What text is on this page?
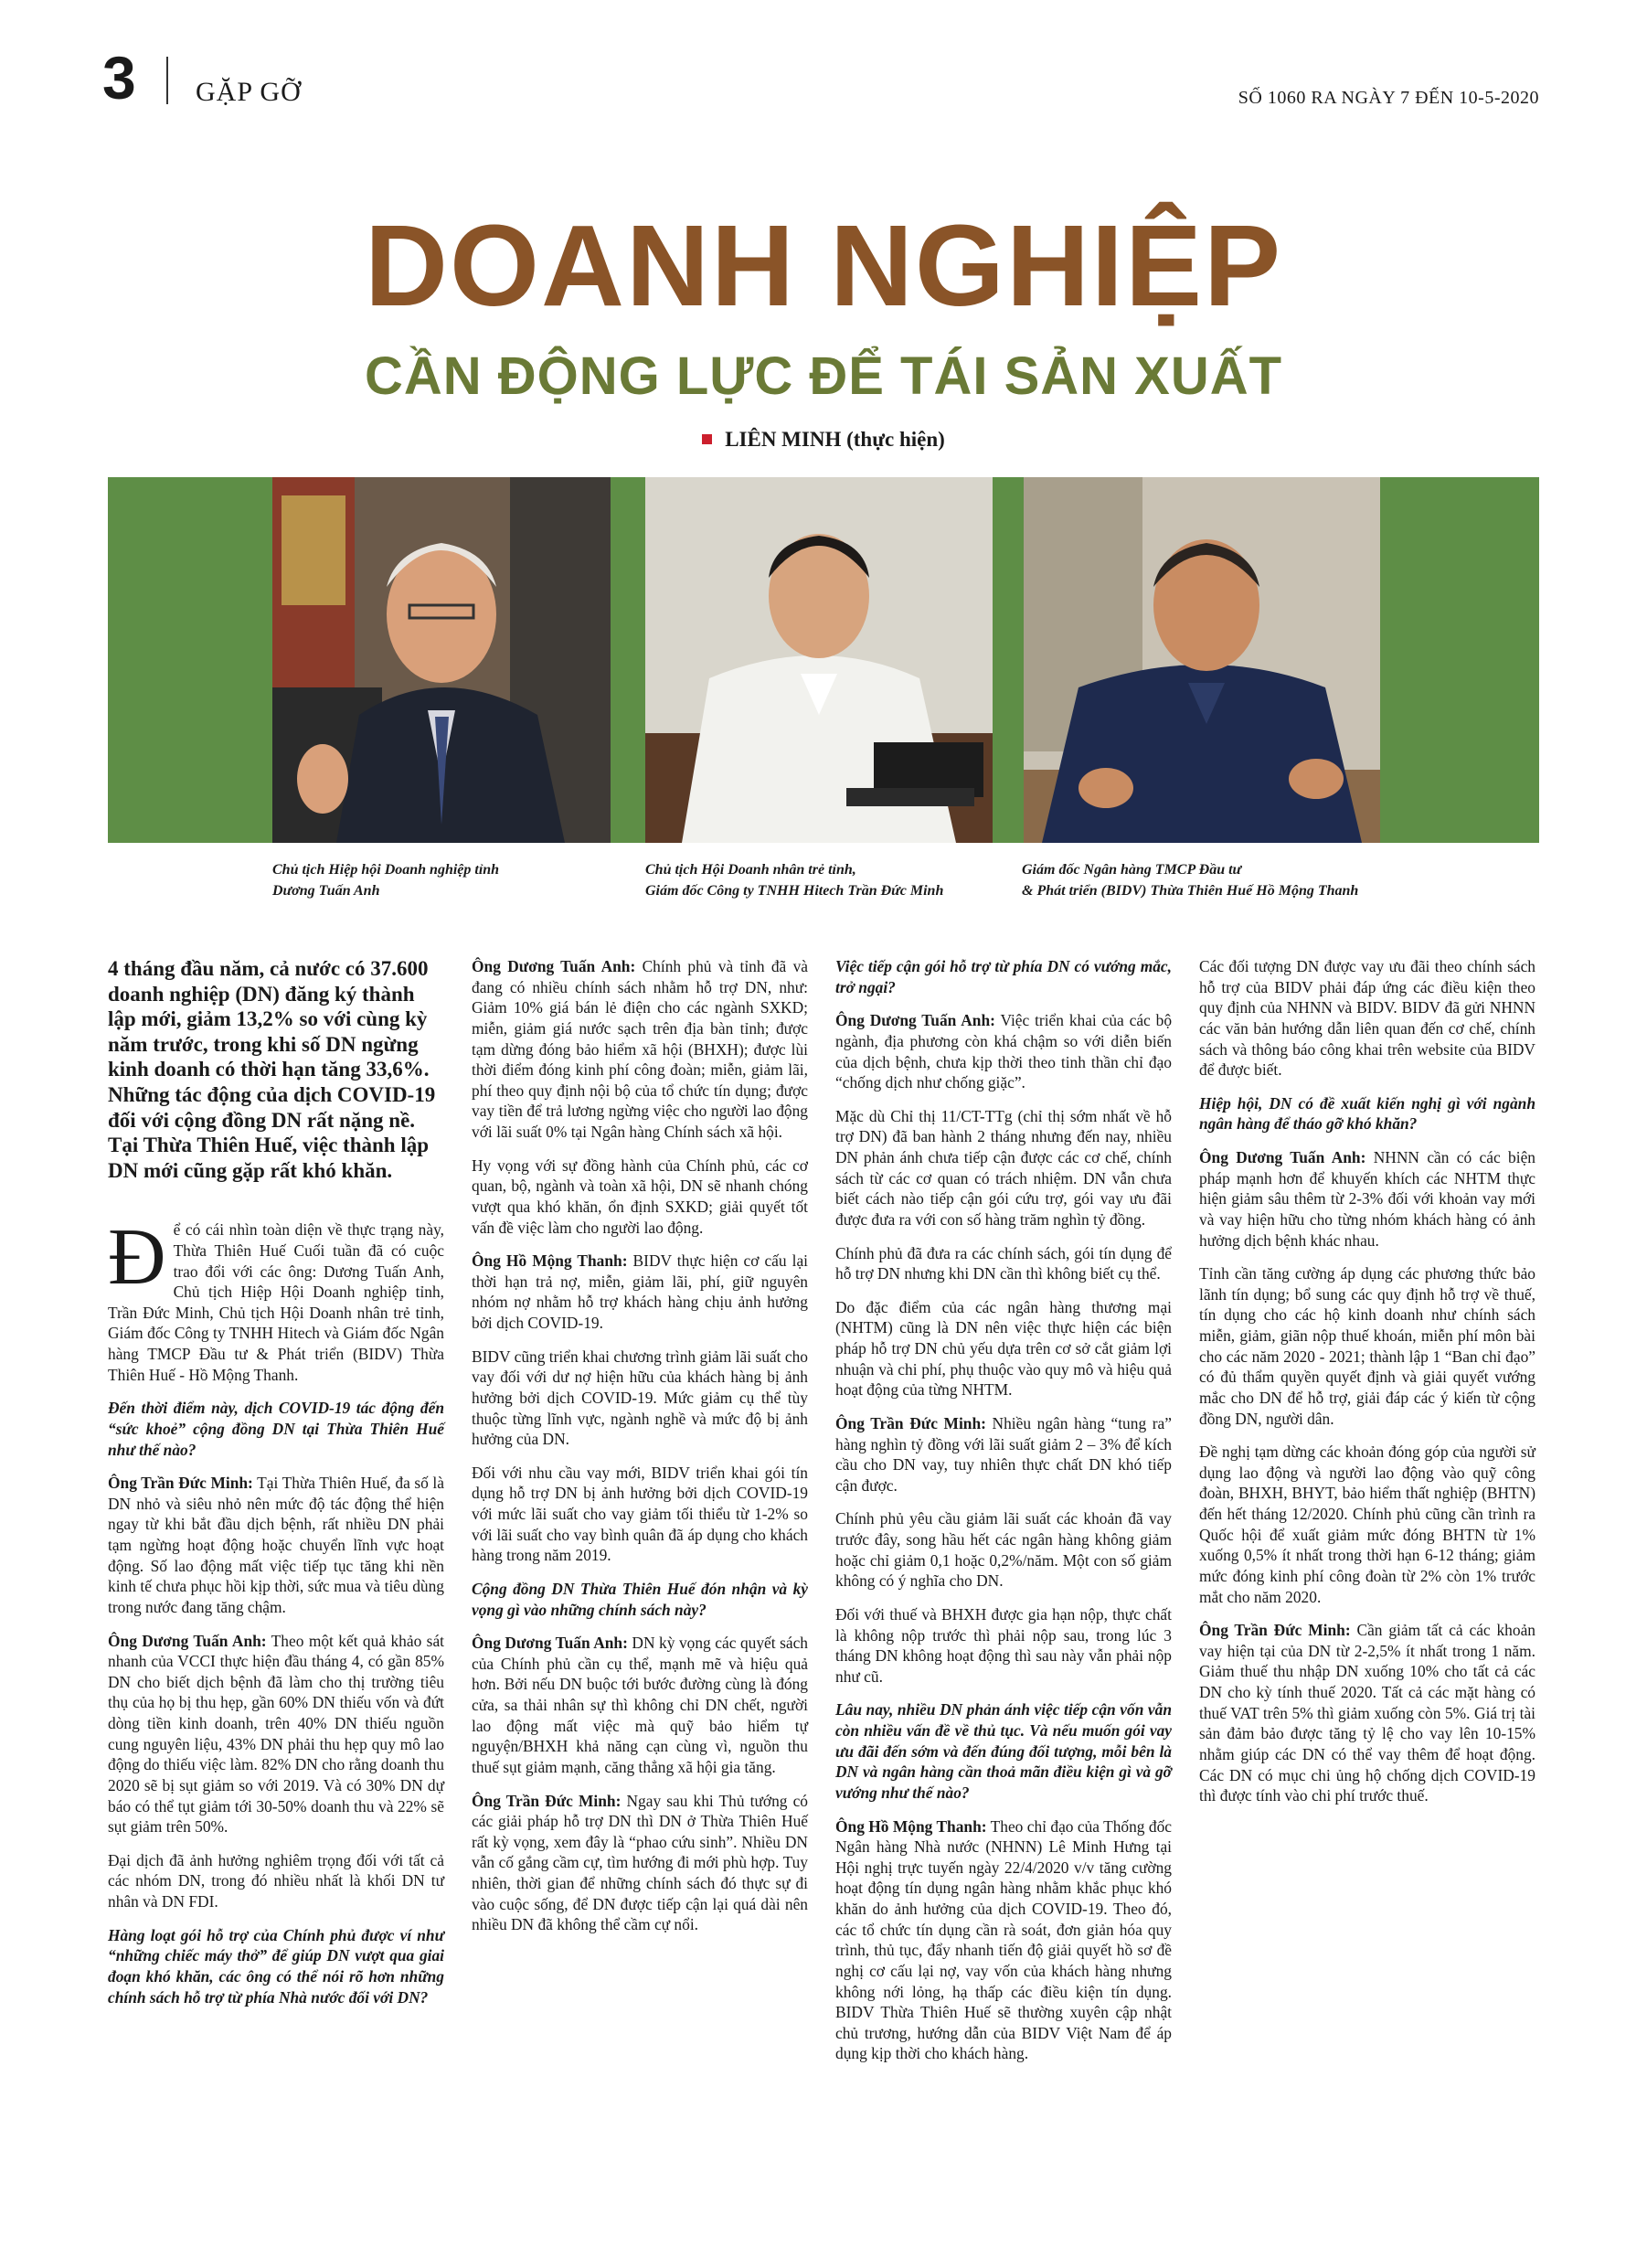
3 GẶP GỠ	SỐ 1060 RA NGÀY 7 ĐẾN 10-5-2020
DOANH NGHIỆP
CẦN ĐỘNG LỰC ĐỂ TÁI SẢN XUẤT
LIÊN MINH (thực hiện)
Chủ tịch Hiệp hội Doanh nghiệp tỉnh
Dương Tuấn Anh
Chủ tịch Hội Doanh nhân trẻ tỉnh,
Giám đốc Công ty TNHH Hitech Trần Đức Minh
Giám đốc Ngân hàng TMCP Đầu tư
& Phát triển (BIDV) Thừa Thiên Huế Hồ Mộng Thanh

4 tháng đầu năm, cả nước có 37.600 doanh nghiệp (DN) đăng ký thành lập mới, giảm 13,2% so với cùng kỳ năm trước, trong khi số DN ngừng kinh doanh có thời hạn tăng 33,6%. Những tác động của dịch COVID-19 đối với cộng đồng DN rất nặng nề. Tại Thừa Thiên Huế, việc thành lập DN mới cũng gặp rất khó khăn.

Để có cái nhìn toàn diện về thực trạng này, Thừa Thiên Huế Cuối tuần đã có cuộc trao đổi với các ông: Dương Tuấn Anh, Chủ tịch Hiệp Hội Doanh nghiệp tỉnh, Trần Đức Minh, Chủ tịch Hội Doanh nhân trẻ tỉnh, Giám đốc Công ty TNHH Hitech và Giám đốc Ngân hàng TMCP Đầu tư & Phát triển (BIDV) Thừa Thiên Huế - Hồ Mộng Thanh.

Đến thời điểm này, dịch COVID-19 tác động đến “sức khoẻ” cộng đồng DN tại Thừa Thiên Huế như thế nào?

Ông Trần Đức Minh: Tại Thừa Thiên Huế, đa số là DN nhỏ và siêu nhỏ nên mức độ tác động thể hiện ngay từ khi bắt đầu dịch bệnh, rất nhiều DN phải tạm ngừng hoạt động hoặc chuyển lĩnh vực hoạt động. Số lao động mất việc tiếp tục tăng khi nền kinh tế chưa phục hồi kịp thời, sức mua và tiêu dùng trong nước đang tăng chậm.

Ông Dương Tuấn Anh: Theo một kết quả khảo sát nhanh của VCCI thực hiện đầu tháng 4, có gần 85% DN cho biết dịch bệnh đã làm cho thị trường tiêu thụ của họ bị thu hẹp, gần 60% DN thiếu vốn và đứt dòng tiền kinh doanh, trên 40% DN thiếu nguồn cung nguyên liệu, 43% DN phải thu hẹp quy mô lao động do thiếu việc làm. 82% DN cho rằng doanh thu 2020 sẽ bị sụt giảm so với 2019. Và có 30% DN dự báo có thể tụt giảm tới 30-50% doanh thu và 22% sẽ sụt giảm trên 50%.

Đại dịch đã ảnh hưởng nghiêm trọng đối với tất cả các nhóm DN, trong đó nhiều nhất là khối DN tư nhân và DN FDI.

Hàng loạt gói hỗ trợ của Chính phủ được ví như “những chiếc máy thở” để giúp DN vượt qua giai đoạn khó khăn, các ông có thể nói rõ hơn những chính sách hỗ trợ từ phía Nhà nước đối với DN?

Ông Dương Tuấn Anh: Chính phủ và tỉnh đã và đang có nhiều chính sách nhằm hỗ trợ DN, như: Giảm 10% giá bán lẻ điện cho các ngành SXKD; miễn, giảm giá nước sạch trên địa bàn tỉnh; được tạm dừng đóng bảo hiểm xã hội (BHXH); được lùi thời điểm đóng kinh phí công đoàn; miễn, giảm lãi, phí theo quy định nội bộ của tổ chức tín dụng; được vay tiền để trả lương ngừng việc cho người lao động với lãi suất 0% tại Ngân hàng Chính sách xã hội.

Hy vọng với sự đồng hành của Chính phủ, các cơ quan, bộ, ngành và toàn xã hội, DN sẽ nhanh chóng vượt qua khó khăn, ổn định SXKD; giải quyết tốt vấn đề việc làm cho người lao động.

Ông Hồ Mộng Thanh: BIDV thực hiện cơ cấu lại thời hạn trả nợ, miễn, giảm lãi, phí, giữ nguyên nhóm nợ nhằm hỗ trợ khách hàng chịu ảnh hưởng bởi dịch COVID-19.

BIDV cũng triển khai chương trình giảm lãi suất cho vay đối với dư nợ hiện hữu của khách hàng bị ảnh hưởng bởi dịch COVID-19. Mức giảm cụ thể tùy thuộc từng lĩnh vực, ngành nghề và mức độ bị ảnh hưởng của DN.

Đối với nhu cầu vay mới, BIDV triển khai gói tín dụng hỗ trợ DN bị ảnh hưởng bởi dịch COVID-19 với mức lãi suất cho vay giảm tối thiểu từ 1-2% so với lãi suất cho vay bình quân đã áp dụng cho khách hàng trong năm 2019.

Cộng đồng DN Thừa Thiên Huế đón nhận và kỳ vọng gì vào những chính sách này?

Ông Dương Tuấn Anh: DN kỳ vọng các quyết sách của Chính phủ cần cụ thể, mạnh mẽ và hiệu quả hơn. Bởi nếu DN buộc tới bước đường cùng là đóng cửa, sa thải nhân sự thì không chỉ DN chết, người lao động mất việc mà quỹ bảo hiểm tự nguyện/BHXH khả năng cạn cùng vì, nguồn thu thuế sụt giảm mạnh, căng thẳng xã hội gia tăng.

Ông Trần Đức Minh: Ngay sau khi Thủ tướng có các giải pháp hỗ trợ DN thì DN ở Thừa Thiên Huế rất kỳ vọng, xem đây là “phao cứu sinh”. Nhiều DN vẫn cố gắng cầm cự, tìm hướng đi mới phù hợp. Tuy nhiên, thời gian để những chính sách đó thực sự đi vào cuộc sống, để DN được tiếp cận lại quá dài nên nhiều DN đã không thể cầm cự nổi.

Việc tiếp cận gói hỗ trợ từ phía DN có vướng mắc, trở ngại?

Ông Dương Tuấn Anh: Việc triển khai của các bộ ngành, địa phương còn khá chậm so với diễn biến của dịch bệnh, chưa kịp thời theo tinh thần chỉ đạo “chống dịch như chống giặc”.

Mặc dù Chỉ thị 11/CT-TTg (chỉ thị sớm nhất về hỗ trợ DN) đã ban hành 2 tháng nhưng đến nay, nhiều DN phản ánh chưa tiếp cận được các cơ chế, chính sách từ các cơ quan có trách nhiệm. DN vẫn chưa biết cách nào tiếp cận gói cứu trợ, gói vay ưu đãi được đưa ra với con số hàng trăm nghìn tỷ đồng.

Chính phủ đã đưa ra các chính sách, gói tín dụng để hỗ trợ DN nhưng khi DN cần thì không biết cụ thể.

Do đặc điểm của các ngân hàng thương mại (NHTM) cũng là DN nên việc thực hiện các biện pháp hỗ trợ DN chủ yếu dựa trên cơ sở cắt giảm lợi nhuận và chi phí, phụ thuộc vào quy mô và hiệu quả hoạt động của từng NHTM.

Ông Trần Đức Minh: Nhiều ngân hàng “tung ra” hàng nghìn tỷ đồng với lãi suất giảm 2 – 3% để kích cầu cho DN vay, tuy nhiên thực chất DN khó tiếp cận được.

Chính phủ yêu cầu giảm lãi suất các khoản đã vay trước đây, song hầu hết các ngân hàng không giảm hoặc chỉ giảm 0,1 hoặc 0,2%/năm. Một con số giảm không có ý nghĩa cho DN.

Đối với thuế và BHXH được gia hạn nộp, thực chất là không nộp trước thì phải nộp sau, trong lúc 3 tháng DN không hoạt động thì sau này vẫn phải nộp như cũ.

Lâu nay, nhiều DN phản ánh việc tiếp cận vốn vẫn còn nhiều vấn đề về thủ tục. Và nếu muốn gói vay ưu đãi đến sớm và đến đúng đối tượng, mỗi bên là DN và ngân hàng cần thoả mãn điều kiện gì và gỡ vướng như thế nào?

Ông Hồ Mộng Thanh: Theo chỉ đạo của Thống đốc Ngân hàng Nhà nước (NHNN) Lê Minh Hưng tại Hội nghị trực tuyến ngày 22/4/2020 v/v tăng cường hoạt động tín dụng ngân hàng nhằm khắc phục khó khăn do ảnh hưởng của dịch COVID-19. Theo đó, các tổ chức tín dụng cần rà soát, đơn giản hóa quy trình, thủ tục, đẩy nhanh tiến độ giải quyết hồ sơ đề nghị cơ cấu lại nợ, vay vốn của khách hàng nhưng không nới lỏng, hạ thấp các điều kiện tín dụng. BIDV Thừa Thiên Huế sẽ thường xuyên cập nhật chủ trương, hướng dẫn của BIDV Việt Nam để áp dụng kịp thời cho khách hàng.

Các đối tượng DN được vay ưu đãi theo chính sách hỗ trợ của BIDV phải đáp ứng các điều kiện theo quy định của NHNN và BIDV. BIDV đã gửi NHNN các văn bản hướng dẫn liên quan đến cơ chế, chính sách và thông báo công khai trên website của BIDV để được biết.

Hiệp hội, DN có đề xuất kiến nghị gì với ngành ngân hàng để tháo gỡ khó khăn?

Ông Dương Tuấn Anh: NHNN cần có các biện pháp mạnh hơn để khuyến khích các NHTM thực hiện giảm sâu thêm từ 2-3% đối với khoản vay mới và vay hiện hữu cho từng nhóm khách hàng có ảnh hưởng dịch bệnh khác nhau.

Tỉnh cần tăng cường áp dụng các phương thức bảo lãnh tín dụng; bổ sung các quy định hỗ trợ về thuế, tín dụng cho các hộ kinh doanh như chính sách miễn, giảm, giãn nộp thuế khoán, miễn phí môn bài cho các năm 2020 - 2021; thành lập 1 “Ban chỉ đạo” có đủ thẩm quyền quyết định và giải quyết vướng mắc cho DN để hỗ trợ, giải đáp các ý kiến từ cộng đồng DN, người dân.

Đề nghị tạm dừng các khoản đóng góp của người sử dụng lao động và người lao động vào quỹ công đoàn, BHXH, BHYT, bảo hiểm thất nghiệp (BHTN) đến hết tháng 12/2020. Chính phủ cũng cần trình ra Quốc hội để xuất giảm mức đóng BHTN từ 1% xuống 0,5% ít nhất trong thời hạn 6-12 tháng; giảm mức đóng kinh phí công đoàn từ 2% còn 1% trước mắt cho năm 2020.

Ông Trần Đức Minh: Cần giảm tất cả các khoản vay hiện tại của DN từ 2-2,5% ít nhất trong 1 năm. Giảm thuế thu nhập DN xuống 10% cho tất cả các DN cho kỳ tính thuế 2020. Tất cả các mặt hàng có thuế VAT trên 5% thì giảm xuống còn 5%. Giá trị tài sản đảm bảo được tăng tỷ lệ cho vay lên 10-15% nhằm giúp các DN có thể vay thêm để hoạt động. Các DN có mục chi ủng hộ chống dịch COVID-19 thì được tính vào chi phí trước thuế.
